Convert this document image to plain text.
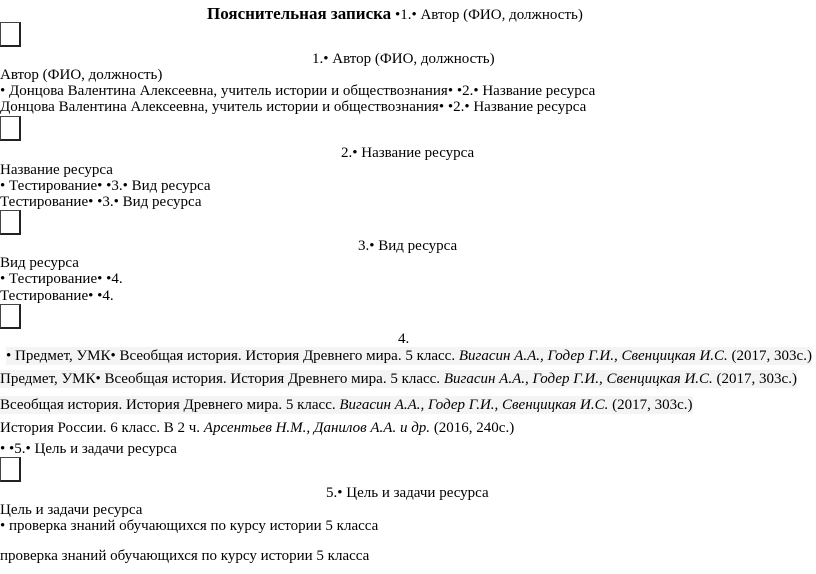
Пояснительная записка •1.• Автор (ФИО, должность)
1.• Автор (ФИО, должность)
Автор (ФИО, должность)
• Донцова Валентина Алексеевна, учитель истории и обществознания• •2.• Название ресурса
Донцова Валентина Алексеевна, учитель истории и обществознания• •2.• Название ресурса
2.• Название ресурса
Название ресурса
• Тестирование• •3.• Вид ресурса
Тестирование• •3.• Вид ресурса
3.• Вид ресурса
Вид ресурса
• Тестирование• •4.
Тестирование• •4.
4.
• Предмет, УМК• Всеобщая история. История Древнего мира. 5 класс. Вигасин А.А., Годер Г.И., Свенцицкая И.С. (2017, 303с.)
Предмет, УМК• Всеобщая история. История Древнего мира. 5 класс. Вигасин А.А., Годер Г.И., Свенцицкая И.С. (2017, 303с.)
Всеобщая история. История Древнего мира. 5 класс. Вигасин А.А., Годер Г.И., Свенцицкая И.С. (2017, 303с.)
История России. 6 класс. В 2 ч. Арсентьев Н.М., Данилов А.А. и др. (2016, 240с.)
• •5.• Цель и задачи ресурса
5.• Цель и задачи ресурса
Цель и задачи ресурса
• проверка знаний обучающихся по курсу истории 5 класса
проверка знаний обучающихся по курсу истории 5 класса
